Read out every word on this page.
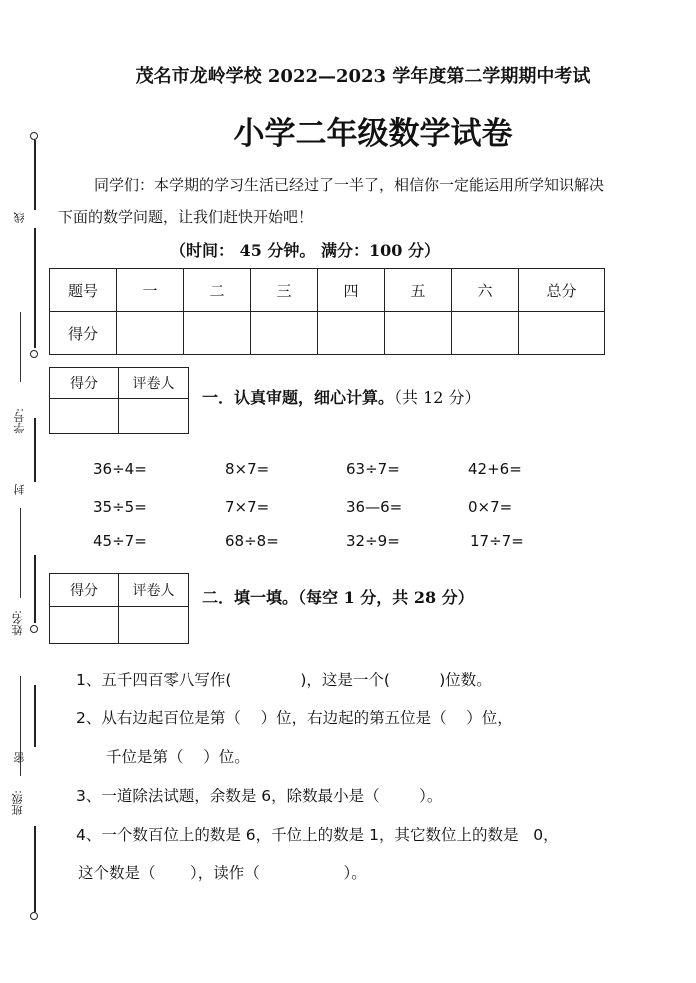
线
学号:
封
姓名:
密
班级:
茂名市龙岭学校 2022—2023 学年度第二学期期中考试
小学二年级数学试卷
同学们：本学期的学习生活已经过了一半了，相信你一定能运用所学知识解决
下面的数学问题，让我们赶快开始吧！
（时间： 45 分钟。 满分：100 分）
题号	一	二	三	四	五	六	总分
得分							
得分	评卷人

一．认真审题，细心计算。（共 12 分）
36÷4=	8×7=	63÷7=	42+6=
35÷5=	7×7=	36—6=	0×7=
45÷7=	68÷8=	32÷9=	17÷7=
得分	评卷人
	二．填一填。（每空 1 分，共 28 分）
1、五千四百零八写作(              )，这是一个(          )位数。
2、从右边起百位是第（    ）位，右边起的第五位是（    ）位，
千位是第（    ）位。
3、一道除法试题，余数是 6，除数最小是（        ）。
4、一个数百位上的数是 6，千位上的数是 1，其它数位上的数是   0，
这个数是（       ），读作（                 ）。
